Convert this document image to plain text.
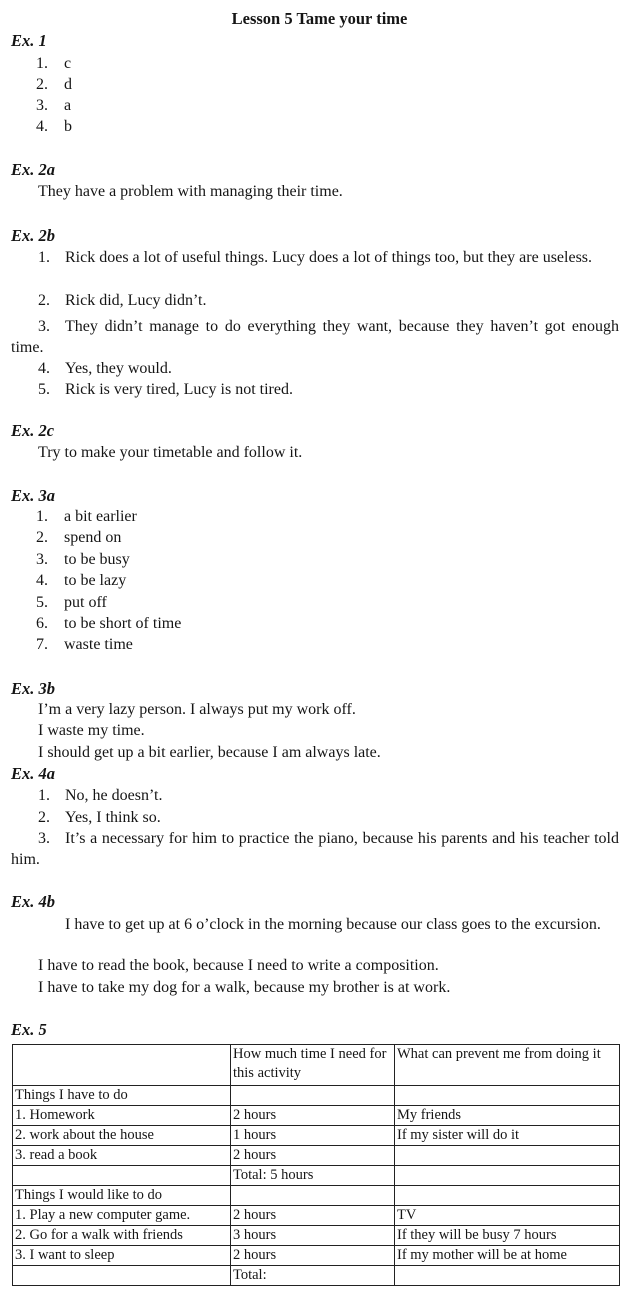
Lesson 5 Tame your time
Ex. 1
1. c
2. d
3. a
4. b
Ex. 2a
They have a problem with managing their time.
Ex. 2b
1. Rick does a lot of useful things. Lucy does a lot of things too, but they are useless.
2. Rick did, Lucy didn’t.
3. They didn’t manage to do everything they want, because they haven’t got enough time.
4. Yes, they would.
5. Rick is very tired, Lucy is not tired.
Ex. 2c
Try to make your timetable and follow it.
Ex. 3a
1. a bit earlier
2. spend on
3. to be busy
4. to be lazy
5. put off
6. to be short of time
7. waste time
Ex. 3b
I’m a very lazy person. I always put my work off.
I waste my time.
I should get up a bit earlier, because I am always late.
Ex. 4a
1. No, he doesn’t.
2. Yes, I think so.
3. It’s a necessary for him to practice the piano, because his parents and his teacher told him.
Ex. 4b
I have to get up at 6 o’clock in the morning because our class goes to the excursion.
I have to read the book, because I need to write a composition.
I have to take my dog for a walk, because my brother is at work.
Ex. 5
	How much time I need for this activity	What can prevent me from doing it
Things I have to do		
1. Homework	2 hours	My friends
2. work about the house	1 hours	If my sister will do it
3. read a book	2 hours	
	Total: 5 hours	
Things I would like to do		
1. Play a new computer game.	2 hours	TV
2. Go for a walk with friends	3 hours	If they will be busy 7 hours
3. I want to sleep	2 hours	If my mother will be at home
	Total:	
